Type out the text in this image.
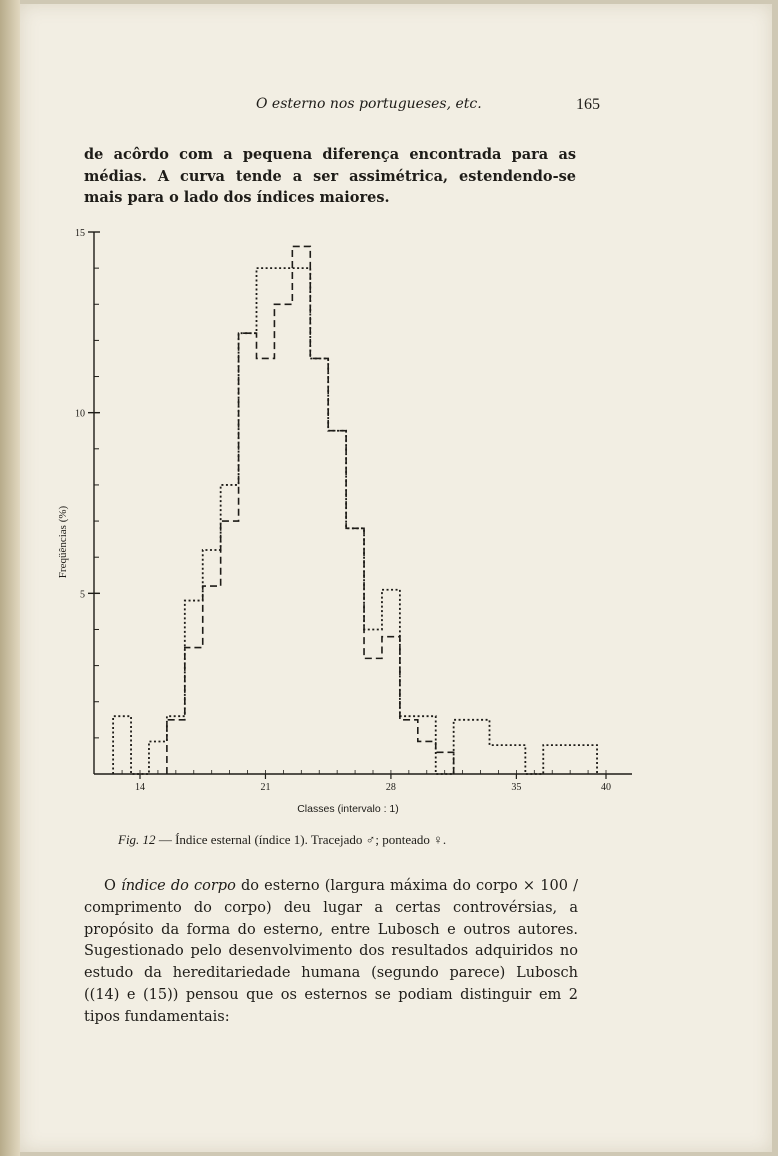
O esterno nos portugueses, etc.	165
de acôrdo com a pequena diferença encontrada para as médias. A curva tende a ser assimétrica, estendendo-se mais para o lado dos índices maiores.
5
10
15
14	21	28	35	40
Freqüências (%)
Classes (intervalo : 1)
Fig. 12 — Índice esternal (índice 1). Tracejado ♂; ponteado ♀.

O índice do corpo do esterno (largura máxima do corpo × 100 / comprimento do corpo) deu lugar a certas controvérsias, a propósito da forma do esterno, entre Lubosch e outros autores. Sugestionado pelo desenvolvimento dos resultados adquiridos no estudo da hereditariedade humana (segundo parece) Lubosch ((14) e (15)) pensou que os esternos se podiam distinguir em 2 tipos fundamentais:
